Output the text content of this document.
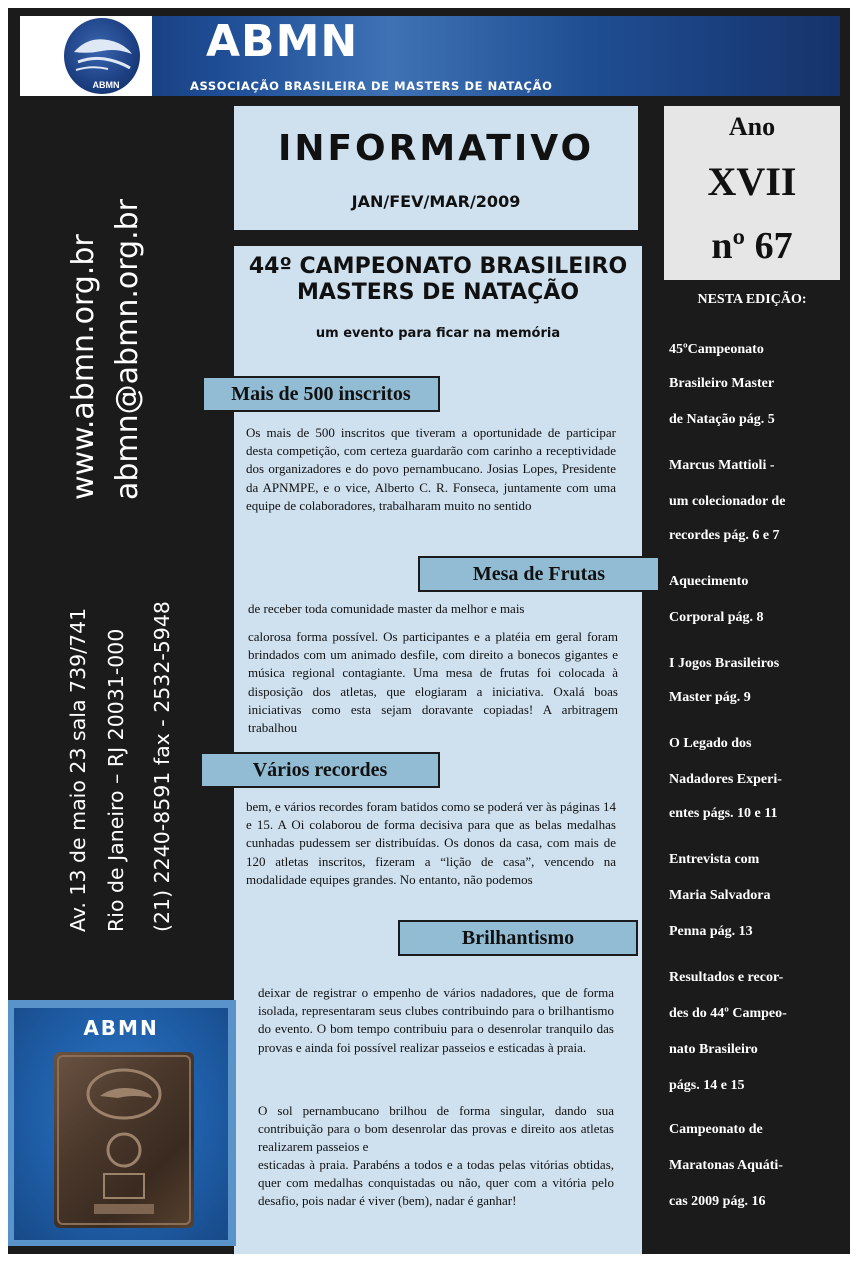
ABMN
ABMN
ASSOCIAÇÃO BRASILEIRA DE MASTERS DE NATAÇÃO
www.abmn.org.br abmn@abmn.org.br
Av. 13 de maio 23 sala 739/741 Rio de Janeiro – RJ 20031-000 (21) 2240-8591 fax - 2532-5948
INFORMATIVO
JAN/FEV/MAR/2009
44º CAMPEONATO BRASILEIRO
MASTERS DE NATAÇÃO
um evento para ficar na memória
Mais de 500 inscritos
Os mais de 500 inscritos que tiveram a oportunidade de participar desta competição, com certeza guardarão com carinho a receptividade dos organizadores e do povo pernambucano. Josias Lopes, Presidente da APNMPE, e o vice, Alberto C. R. Fonseca, juntamente com uma equipe de colaboradores, trabalharam muito no sentido
Mesa de Frutas
de receber toda comunidade master da melhor e mais
calorosa forma possível. Os participantes e a platéia em geral foram brindados com um animado desfile, com direito a bonecos gigantes e música regional contagiante. Uma mesa de frutas foi colocada à disposição dos atletas, que elogiaram a iniciativa. Oxalá boas iniciativas como esta sejam doravante copiadas! A arbitragem trabalhou
Vários recordes
bem, e vários recordes foram batidos como se poderá ver às páginas 14 e 15. A Oi colaborou de forma decisiva para que as belas medalhas cunhadas pudessem ser distribuídas. Os donos da casa, com mais de 120 atletas inscritos, fizeram a “lição de casa”, vencendo na modalidade equipes grandes. No entanto, não podemos
Brilhantismo
deixar de registrar o empenho de vários nadadores, que de forma isolada, representaram seus clubes contribuindo para o brilhantismo do evento. O bom tempo contribuiu para o desenrolar tranquilo das provas e ainda foi possível realizar passeios e esticadas à praia.
O sol pernambucano brilhou de forma singular, dando sua contribuição para o bom desenrolar das provas e direito aos atletas realizarem passeios e
esticadas à praia. Parabéns a todos e a todas pelas vitórias obtidas, quer com medalhas conquistadas ou não, quer com a vitória pelo desafio, pois nadar é viver (bem), nadar é ganhar!
Ano
XVII
nº 67
NESTA EDIÇÃO:
45ºCampeonato
Brasileiro Master
de Natação pág. 5
Marcus Mattioli -
um colecionador de
recordes pág. 6 e 7
Aquecimento
Corporal pág. 8
I Jogos Brasileiros
Master pág. 9
O Legado dos
Nadadores Experi-
entes págs. 10 e 11
Entrevista com
Maria Salvadora
Penna pág. 13
Resultados e recor-
des do 44º Campeo-
nato Brasileiro
págs. 14 e 15
Campeonato de
Maratonas Aquáti-
cas 2009 pág. 16
ABMN
